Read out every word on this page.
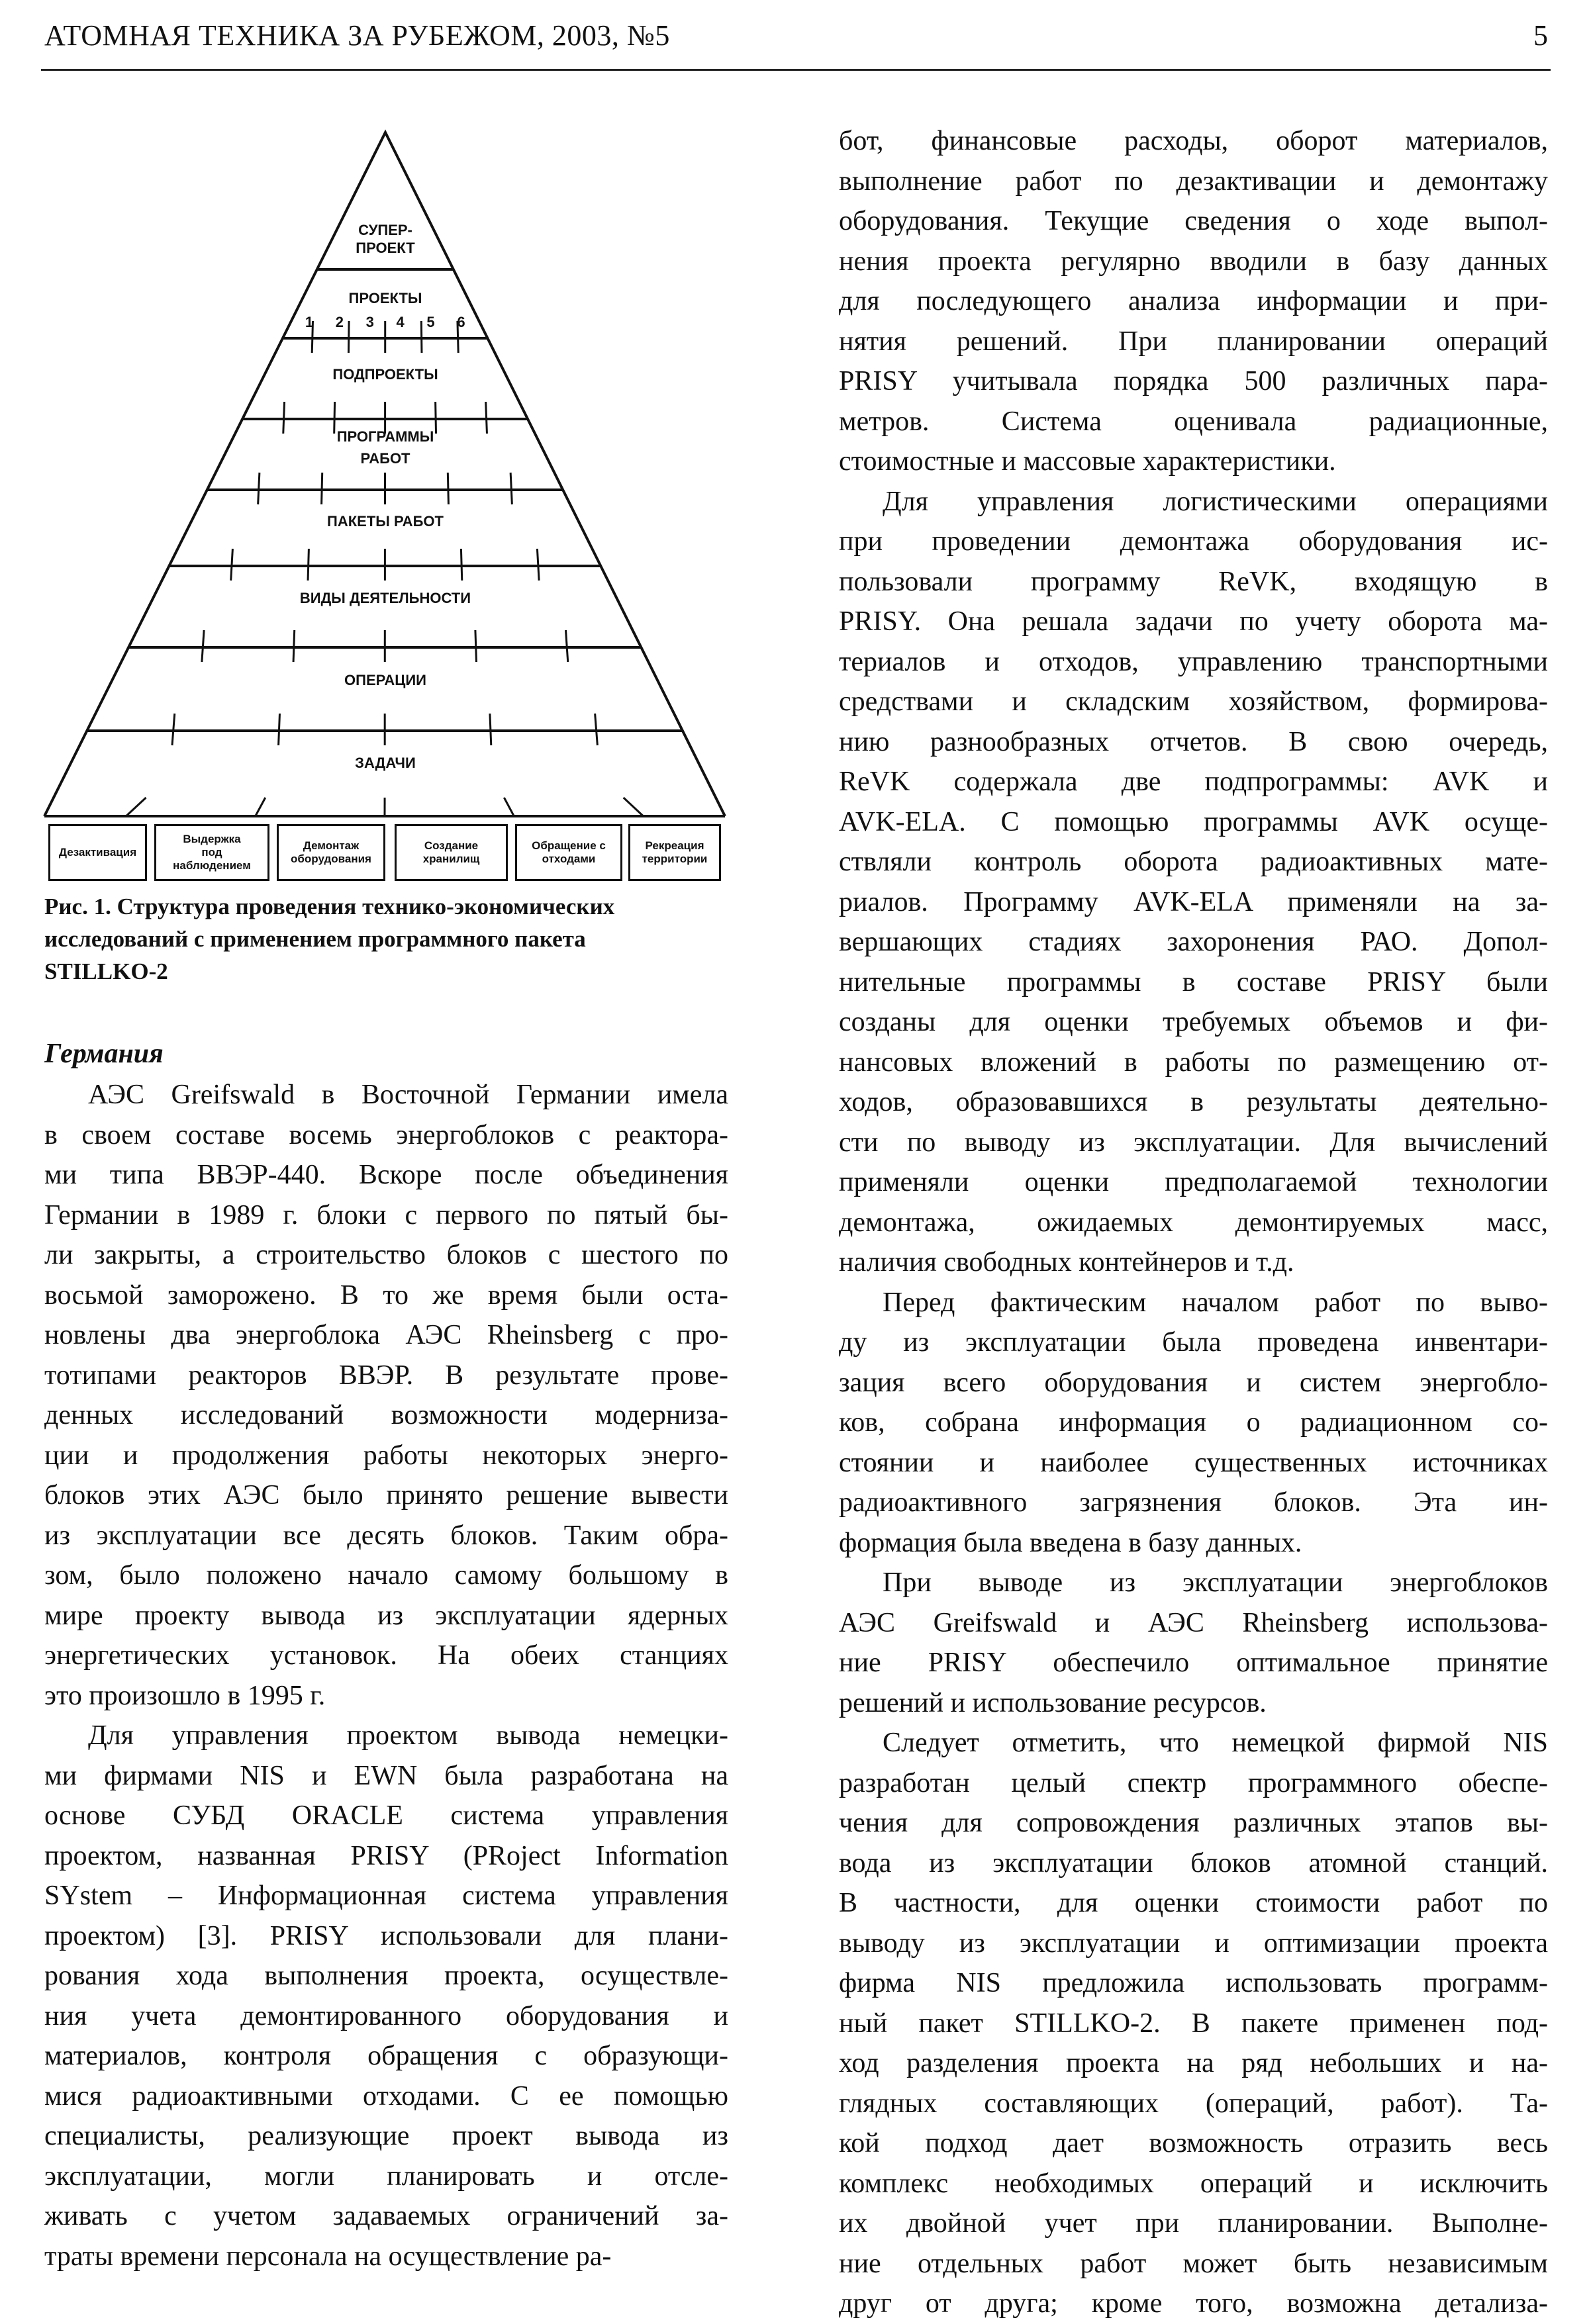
АТОМНАЯ ТЕХНИКА ЗА РУБЕЖОМ, 2003, №5	5
СУПЕР-
ПРОЕКТ
ПРОЕКТЫ
ПОДПРОЕКТЫ
ПРОГРАММЫ
РАБОТ
ПАКЕТЫ РАБОТ
ВИДЫ ДЕЯТЕЛЬНОСТИ
ОПЕРАЦИИ
ЗАДАЧИ
1 2 3 4 5 6
Дезактивация
Выдержка
под
наблюдением
Демонтаж
оборудования
Создание
хранилищ
Обращение с
отходами
Рекреация
территории
Рис. 1. Структура проведения технико-экономических
исследований с применением программного пакета
STILLKO-2
Германия
АЭС Greifswald в Восточной Германии имела
в своем составе восемь энергоблоков с реактора-
ми типа ВВЭР-440. Вскоре после объединения
Германии в 1989 г. блоки с первого по пятый бы-
ли закрыты, а строительство блоков с шестого по
восьмой заморожено. В то же время были оста-
новлены два энергоблока АЭС Rheinsberg с про-
тотипами реакторов ВВЭР. В результате прове-
денных исследований возможности модерниза-
ции и продолжения работы некоторых энерго-
блоков этих АЭС было принято решение вывести
из эксплуатации все десять блоков. Таким обра-
зом, было положено начало самому большому в
мире проекту вывода из эксплуатации ядерных
энергетических установок. На обеих станциях
это произошло в 1995 г.
Для управления проектом вывода немецки-
ми фирмами NIS и EWN была разработана на
основе СУБД ORACLE система управления
проектом, названная PRISY (PRoject Information
SYstem – Информационная система управления
проектом) [3]. PRISY использовали для плани-
рования хода выполнения проекта, осуществле-
ния учета демонтированного оборудования и
материалов, контроля обращения с образующи-
мися радиоактивными отходами. С ее помощью
специалисты, реализующие проект вывода из
эксплуатации, могли планировать и отсле-
живать с учетом задаваемых ограничений за-
траты времени персонала на осуществление ра-
бот, финансовые расходы, оборот материалов,
выполнение работ по дезактивации и демонтажу
оборудования. Текущие сведения о ходе выпол-
нения проекта регулярно вводили в базу данных
для последующего анализа информации и при-
нятия решений. При планировании операций
PRISY учитывала порядка 500 различных пара-
метров. Система оценивала радиационные,
стоимостные и массовые характеристики.
Для управления логистическими операциями
при проведении демонтажа оборудования ис-
пользовали программу ReVK, входящую в
PRISY. Она решала задачи по учету оборота ма-
териалов и отходов, управлению транспортными
средствами и складским хозяйством, формирова-
нию разнообразных отчетов. В свою очередь,
ReVK содержала две подпрограммы: AVK и
AVK-ELA. С помощью программы AVK осуще-
ствляли контроль оборота радиоактивных мате-
риалов. Программу AVK-ELA применяли на за-
вершающих стадиях захоронения РАО. Допол-
нительные программы в составе PRISY были
созданы для оценки требуемых объемов и фи-
нансовых вложений в работы по размещению от-
ходов, образовавшихся в результаты деятельно-
сти по выводу из эксплуатации. Для вычислений
применяли оценки предполагаемой технологии
демонтажа, ожидаемых демонтируемых масс,
наличия свободных контейнеров и т.д.
Перед фактическим началом работ по выво-
ду из эксплуатации была проведена инвентари-
зация всего оборудования и систем энергобло-
ков, собрана информация о радиационном со-
стоянии и наиболее существенных источниках
радиоактивного загрязнения блоков. Эта ин-
формация была введена в базу данных.
При выводе из эксплуатации энергоблоков
АЭС Greifswald и АЭС Rheinsberg использова-
ние PRISY обеспечило оптимальное принятие
решений и использование ресурсов.
Следует отметить, что немецкой фирмой NIS
разработан целый спектр программного обеспе-
чения для сопровождения различных этапов вы-
вода из эксплуатации блоков атомной станций.
В частности, для оценки стоимости работ по
выводу из эксплуатации и оптимизации проекта
фирма NIS предложила использовать программ-
ный пакет STILLKO-2. В пакете применен под-
ход разделения проекта на ряд небольших и на-
глядных составляющих (операций, работ). Та-
кой подход дает возможность отразить весь
комплекс необходимых операций и исключить
их двойной учет при планировании. Выполне-
ние отдельных работ может быть независимым
друг от друга; кроме того, возможна детализа-
